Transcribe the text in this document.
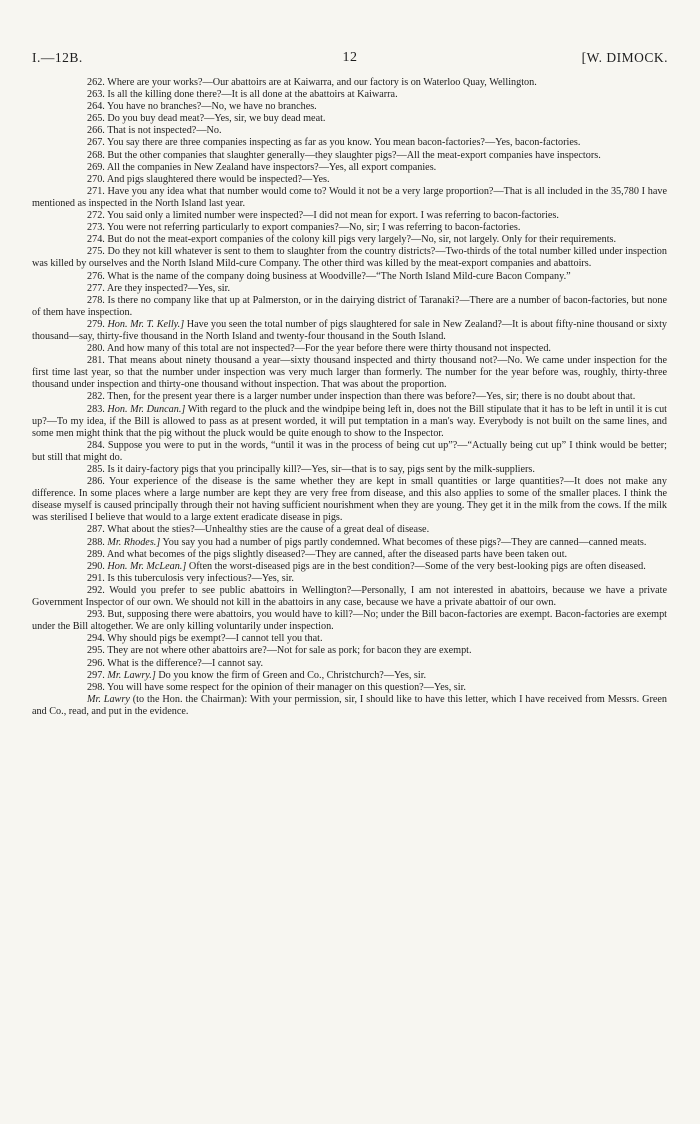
I.—12B.	12	[W. DIMOCK.

262. Where are your works?—Our abattoirs are at Kaiwarra, and our factory is on Waterloo Quay, Wellington.

263. Is all the killing done there?—It is all done at the abattoirs at Kaiwarra.

264. You have no branches?—No, we have no branches.

265. Do you buy dead meat?—Yes, sir, we buy dead meat.

266. That is not inspected?—No.

267. You say there are three companies inspecting as far as you know. You mean bacon-factories?—Yes, bacon-factories.

268. But the other companies that slaughter generally—they slaughter pigs?—All the meat-export companies have inspectors.

269. All the companies in New Zealand have inspectors?—Yes, all export companies.

270. And pigs slaughtered there would be inspected?—Yes.

271. Have you any idea what that number would come to? Would it not be a very large proportion?—That is all included in the 35,780 I have mentioned as inspected in the North Island last year.

272. You said only a limited number were inspected?—I did not mean for export. I was referring to bacon-factories.

273. You were not referring particularly to export companies?—No, sir; I was referring to bacon-factories.

274. But do not the meat-export companies of the colony kill pigs very largely?—No, sir, not largely. Only for their requirements.

275. Do they not kill whatever is sent to them to slaughter from the country districts?—Two-thirds of the total number killed under inspection was killed by ourselves and the North Island Mild-cure Company. The other third was killed by the meat-export companies and abattoirs.

276. What is the name of the company doing business at Woodville?—“The North Island Mild-cure Bacon Company.”

277. Are they inspected?—Yes, sir.

278. Is there no company like that up at Palmerston, or in the dairying district of Taranaki?—There are a number of bacon-factories, but none of them have inspection.

279. Hon. Mr. T. Kelly.] Have you seen the total number of pigs slaughtered for sale in New Zealand?—It is about fifty-nine thousand or sixty thousand—say, thirty-five thousand in the North Island and twenty-four thousand in the South Island.

280. And how many of this total are not inspected?—For the year before there were thirty thousand not inspected.

281. That means about ninety thousand a year—sixty thousand inspected and thirty thousand not?—No. We came under inspection for the first time last year, so that the number under inspection was very much larger than formerly. The number for the year before was, roughly, thirty-three thousand under inspection and thirty-one thousand without inspection. That was about the proportion.

282. Then, for the present year there is a larger number under inspection than there was before?—Yes, sir; there is no doubt about that.

283. Hon. Mr. Duncan.] With regard to the pluck and the windpipe being left in, does not the Bill stipulate that it has to be left in until it is cut up?—To my idea, if the Bill is allowed to pass as at present worded, it will put temptation in a man's way. Everybody is not built on the same lines, and some men might think that the pig without the pluck would be quite enough to show to the Inspector.

284. Suppose you were to put in the words, “until it was in the process of being cut up”?—“Actually being cut up” I think would be better; but still that might do.

285. Is it dairy-factory pigs that you principally kill?—Yes, sir—that is to say, pigs sent by the milk-suppliers.

286. Your experience of the disease is the same whether they are kept in small quantities or large quantities?—It does not make any difference. In some places where a large number are kept they are very free from disease, and this also applies to some of the smaller places. I think the disease myself is caused principally through their not having sufficient nourishment when they are young. They get it in the milk from the cows. If the milk was sterilised I believe that would to a large extent eradicate disease in pigs.

287. What about the sties?—Unhealthy sties are the cause of a great deal of disease.

288. Mr. Rhodes.] You say you had a number of pigs partly condemned. What becomes of these pigs?—They are canned—canned meats.

289. And what becomes of the pigs slightly diseased?—They are canned, after the diseased parts have been taken out.

290. Hon. Mr. McLean.] Often the worst-diseased pigs are in the best condition?—Some of the very best-looking pigs are often diseased.

291. Is this tuberculosis very infectious?—Yes, sir.

292. Would you prefer to see public abattoirs in Wellington?—Personally, I am not interested in abattoirs, because we have a private Government Inspector of our own. We should not kill in the abattoirs in any case, because we have a private abattoir of our own.

293. But, supposing there were abattoirs, you would have to kill?—No; under the Bill bacon-factories are exempt. Bacon-factories are exempt under the Bill altogether. We are only killing voluntarily under inspection.

294. Why should pigs be exempt?—I cannot tell you that.

295. They are not where other abattoirs are?—Not for sale as pork; for bacon they are exempt.

296. What is the difference?—I cannot say.

297. Mr. Lawry.] Do you know the firm of Green and Co., Christchurch?—Yes, sir.

298. You will have some respect for the opinion of their manager on this question?—Yes, sir.

Mr. Lawry (to the Hon. the Chairman): With your permission, sir, I should like to have this letter, which I have received from Messrs. Green and Co., read, and put in the evidence.
